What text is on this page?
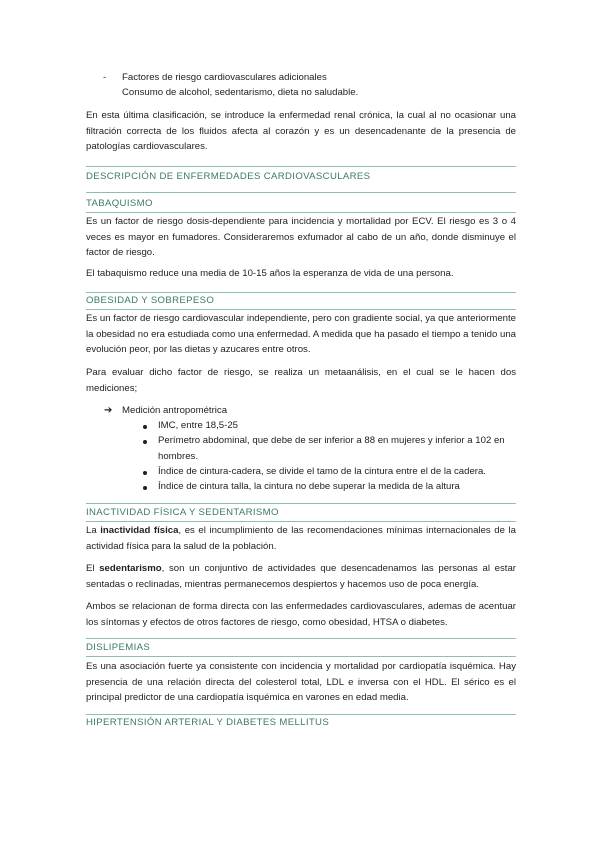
- Factores de riesgo cardiovasculares adicionales
Consumo de alcohol, sedentarismo, dieta no saludable.

En esta última clasificación, se introduce la enfermedad renal crónica, la cual al no ocasionar una filtración correcta de los fluidos afecta al corazón y es un desencadenante de la presencia de patologías cardiovasculares.

DESCRIPCIÓN DE ENFERMEDADES CARDIOVASCULARES
TABAQUISMO

Es un factor de riesgo dosis-dependiente para incidencia y mortalidad por ECV. El riesgo es 3 o 4 veces es mayor en fumadores. Consideraremos exfumador al cabo de un año, donde disminuye el factor de riesgo.

El tabaquismo reduce una media de 10-15 años la esperanza de vida de una persona.

OBESIDAD Y SOBREPESO

Es un factor de riesgo cardiovascular independiente, pero con gradiente social, ya que anteriormente la obesidad no era estudiada como una enfermedad. A medida que ha pasado el tiempo a tenido una evolución peor, por las dietas y azucares entre otros.

Para evaluar dicho factor de riesgo, se realiza un metaanálisis, en el cual se le hacen dos mediciones;

➔ Medición antropométrica
IMC, entre 18,5-25
Perímetro abdominal, que debe de ser inferior a 88 en mujeres y inferior a 102 en hombres.
Índice de cintura-cadera, se divide el tamo de la cintura entre el de la cadera.
Índice de cintura talla, la cintura no debe superar la medida de la altura
INACTIVIDAD FÍSICA Y SEDENTARISMO

La inactividad física, es el incumplimiento de las recomendaciones mínimas internacionales de la actividad física para la salud de la población.

El sedentarismo, son un conjuntivo de actividades que desencadenamos las personas al estar sentadas o reclinadas, mientras permanecemos despiertos y hacemos uso de poca energía.

Ambos se relacionan de forma directa con las enfermedades cardiovasculares, ademas de acentuar los síntomas y efectos de otros factores de riesgo, como obesidad, HTSA o diabetes.

DISLIPEMIAS

Es una asociación fuerte ya consistente con incidencia y mortalidad por cardiopatía isquémica. Hay presencia de una relación directa del colesterol total, LDL e inversa con el HDL. El sérico es el principal predictor de una cardiopatía isquémica en varones en edad media.

HIPERTENSIÓN ARTERIAL Y DIABETES MELLITUS
